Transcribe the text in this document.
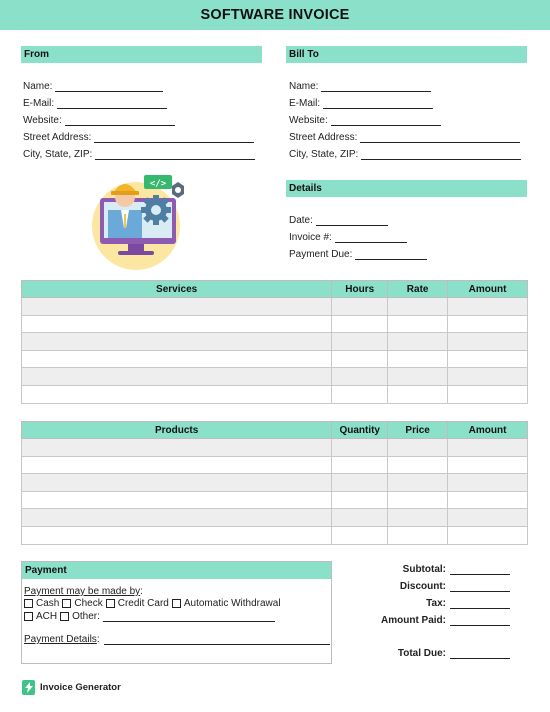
SOFTWARE INVOICE
From
Name:
E-Mail:
Website:
Street Address:
City, State, ZIP:
Bill To
Name:
E-Mail:
Website:
Street Address:
City, State, ZIP:
</>	Details
Date:
Invoice #:
Payment Due:
Services	Hours	Rate	Amount

Products	Quantity	Price	Amount

Payment
Payment may be made by:
Cash Check Credit Card Automatic Withdrawal
ACH Other:
Payment Details :
Subtotal:
Discount:
Tax:
Amount Paid:
Total Due:
Invoice Generator
